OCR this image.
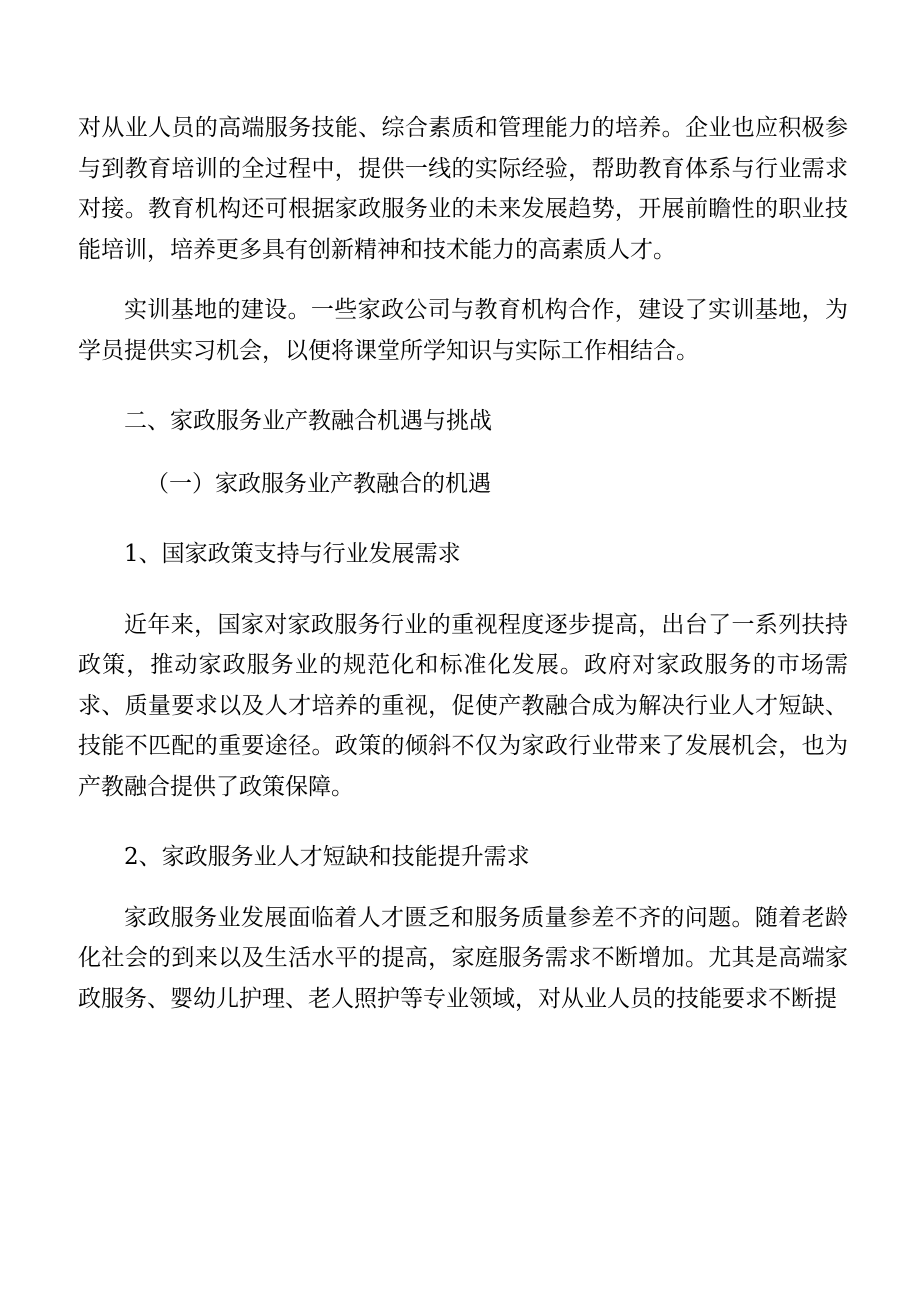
对从业人员的高端服务技能、综合素质和管理能力的培养。企业也应积极参与到教育培训的全过程中，提供一线的实际经验，帮助教育体系与行业需求对接。教育机构还可根据家政服务业的未来发展趋势，开展前瞻性的职业技能培训，培养更多具有创新精神和技术能力的高素质人才。

实训基地的建设。一些家政公司与教育机构合作，建设了实训基地，为学员提供实习机会，以便将课堂所学知识与实际工作相结合。

二、家政服务业产教融合机遇与挑战

（一）家政服务业产教融合的机遇

1、国家政策支持与行业发展需求

近年来，国家对家政服务行业的重视程度逐步提高，出台了一系列扶持政策，推动家政服务业的规范化和标准化发展。政府对家政服务的市场需求、质量要求以及人才培养的重视，促使产教融合成为解决行业人才短缺、技能不匹配的重要途径。政策的倾斜不仅为家政行业带来了发展机会，也为产教融合提供了政策保障。

2、家政服务业人才短缺和技能提升需求

家政服务业发展面临着人才匮乏和服务质量参差不齐的问题。随着老龄化社会的到来以及生活水平的提高，家庭服务需求不断增加。尤其是高端家政服务、婴幼儿护理、老人照护等专业领域，对从业人员的技能要求不断提
